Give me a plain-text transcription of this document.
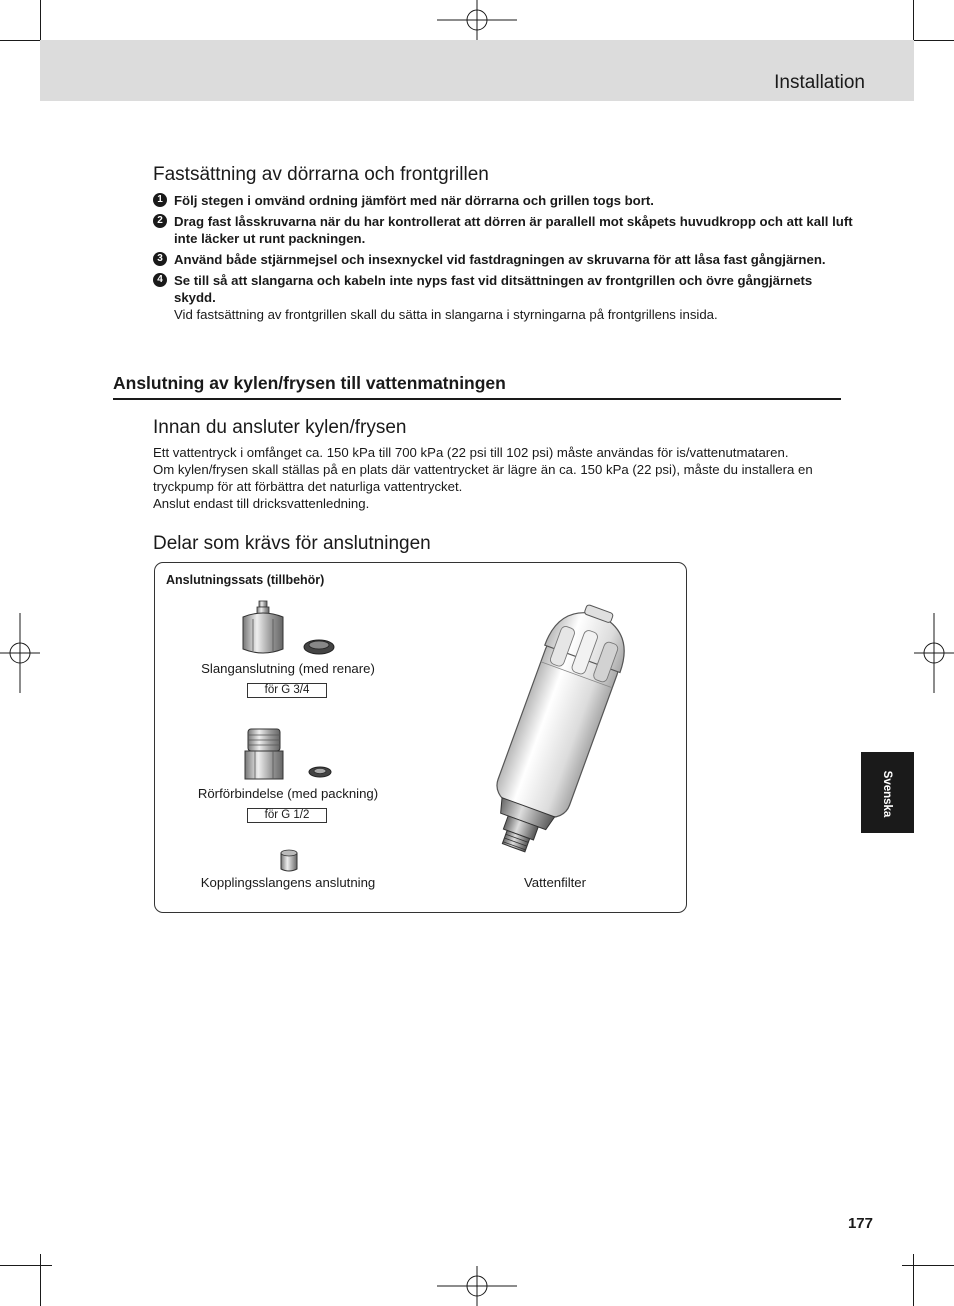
Installation
Fastsättning av dörrarna och frontgrillen
1 Följ stegen i omvänd ordning jämfört med när dörrarna och grillen togs bort.
2 Drag fast låsskruvarna när du har kontrollerat att dörren är parallell mot skåpets huvudkropp och att kall luft inte läcker ut runt packningen.
3 Använd både stjärnmejsel och insexnyckel vid fastdragningen av skruvarna för att låsa fast gångjärnen.
4 Se till så att slangarna och kabeln inte nyps fast vid ditsättningen av frontgrillen och övre gångjärnets skydd.
Vid fastsättning av frontgrillen skall du sätta in slangarna i styrningarna på frontgrillens insida.
Anslutning av kylen/frysen till vattenmatningen
Innan du ansluter kylen/frysen
Ett vattentryck i omfånget ca. 150 kPa till 700 kPa (22 psi till 102 psi) måste användas för is/vattenutmataren.
Om kylen/frysen skall ställas på en plats där vattentrycket är lägre än ca. 150 kPa (22 psi), måste du installera en tryckpump för att förbättra det naturliga vattentrycket.
Anslut endast till dricksvattenledning.
Delar som krävs för anslutningen
Anslutningssats (tillbehör)
Slanganslutning (med renare)
för G 3/4
Rörförbindelse (med packning)
för G 1/2
Kopplingsslangens anslutning	Vattenfilter
Svenska
177
